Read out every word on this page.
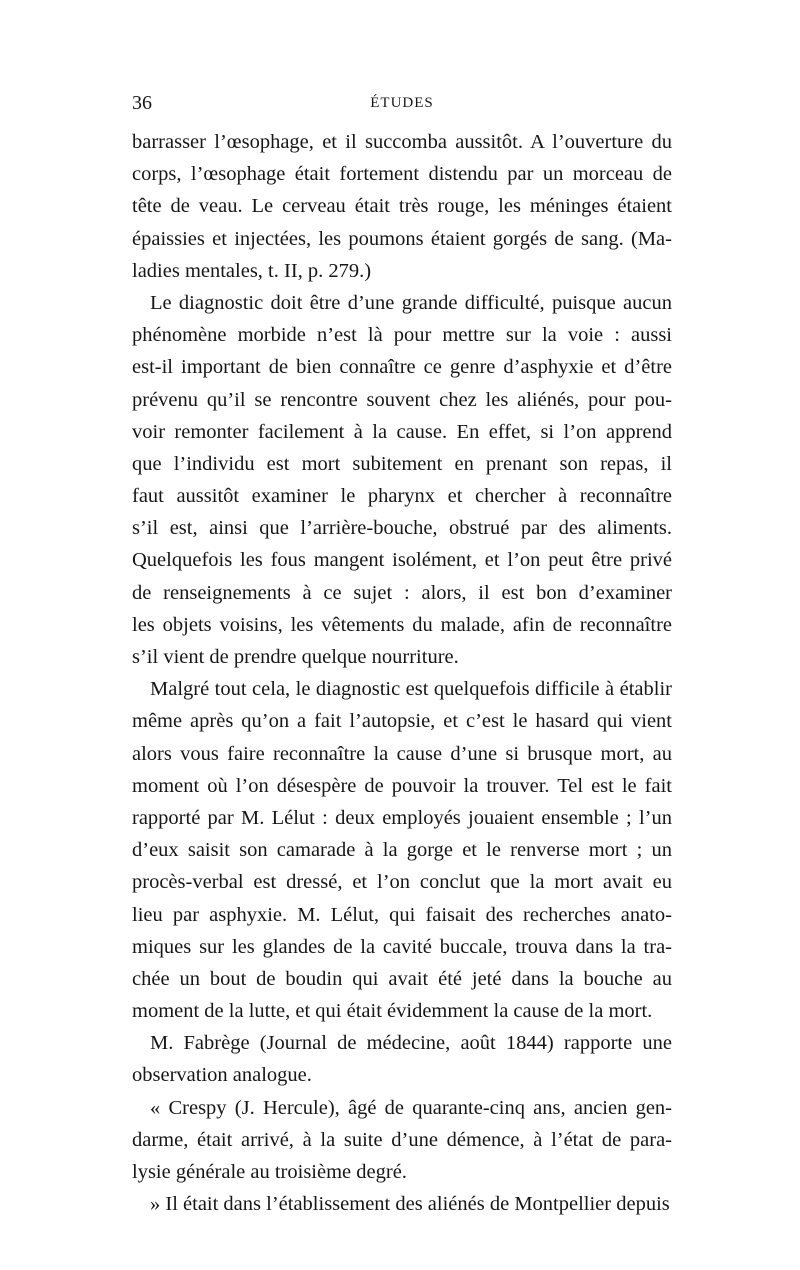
36	ÉTUDES
barrasser l’œsophage, et il succomba aussitôt. A l’ouverture du
corps, l’œsophage était fortement distendu par un morceau de
tête de veau. Le cerveau était très rouge, les méninges étaient
épaissies et injectées, les poumons étaient gorgés de sang. (Ma-
ladies mentales, t. II, p. 279.)
Le diagnostic doit être d’une grande difficulté, puisque aucun
phénomène morbide n’est là pour mettre sur la voie : aussi
est-il important de bien connaître ce genre d’asphyxie et d’être
prévenu qu’il se rencontre souvent chez les aliénés, pour pou-
voir remonter facilement à la cause. En effet, si l’on apprend
que l’individu est mort subitement en prenant son repas, il
faut aussitôt examiner le pharynx et chercher à reconnaître
s’il est, ainsi que l’arrière-bouche, obstrué par des aliments.
Quelquefois les fous mangent isolément, et l’on peut être privé
de renseignements à ce sujet : alors, il est bon d’examiner
les objets voisins, les vêtements du malade, afin de reconnaître
s’il vient de prendre quelque nourriture.
Malgré tout cela, le diagnostic est quelquefois difficile à établir
même après qu’on a fait l’autopsie, et c’est le hasard qui vient
alors vous faire reconnaître la cause d’une si brusque mort, au
moment où l’on désespère de pouvoir la trouver. Tel est le fait
rapporté par M. Lélut : deux employés jouaient ensemble ; l’un
d’eux saisit son camarade à la gorge et le renverse mort ; un
procès-verbal est dressé, et l’on conclut que la mort avait eu
lieu par asphyxie. M. Lélut, qui faisait des recherches anato-
miques sur les glandes de la cavité buccale, trouva dans la tra-
chée un bout de boudin qui avait été jeté dans la bouche au
moment de la lutte, et qui était évidemment la cause de la mort.
M. Fabrège (Journal de médecine, août 1844) rapporte une
observation analogue.
« Crespy (J. Hercule), âgé de quarante-cinq ans, ancien gen-
darme, était arrivé, à la suite d’une démence, à l’état de para-
lysie générale au troisième degré.
» Il était dans l’établissement des aliénés de Montpellier depuis
